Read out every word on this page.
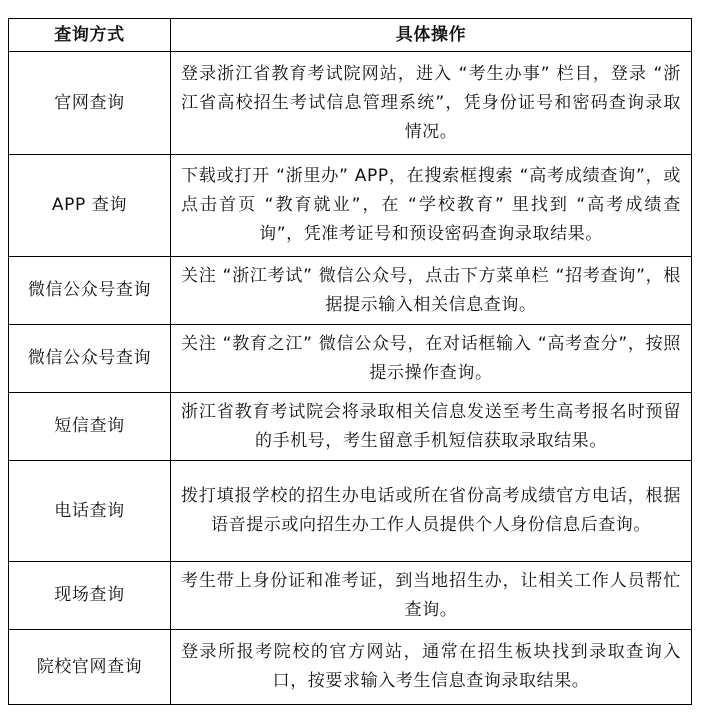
查询方式	具体操作
官网查询	登录浙江省教育考试院网站，进入 “考生办事” 栏目，登录 “浙江省高校招生考试信息管理系统”，凭身份证号和密码查询录取情况。

APP 查询	下载或打开 “浙里办” APP，在搜索框搜索 “高考成绩查询”，或点击首页 “教育就业”，在 “学校教育” 里找到 “高考成绩查询”，凭准考证号和预设密码查询录取结果。

微信公众号查询	关注 “浙江考试” 微信公众号，点击下方菜单栏 “招考查询”，根据提示输入相关信息查询。

微信公众号查询	关注 “教育之江” 微信公众号，在对话框输入 “高考查分”，按照提示操作查询。

短信查询	浙江省教育考试院会将录取相关信息发送至考生高考报名时预留的手机号，考生留意手机短信获取录取结果。

电话查询	拨打填报学校的招生办电话或所在省份高考成绩官方电话，根据语音提示或向招生办工作人员提供个人身份信息后查询。

现场查询	考生带上身份证和准考证，到当地招生办，让相关工作人员帮忙查询。

院校官网查询	登录所报考院校的官方网站，通常在招生板块找到录取查询入口，按要求输入考生信息查询录取结果。
